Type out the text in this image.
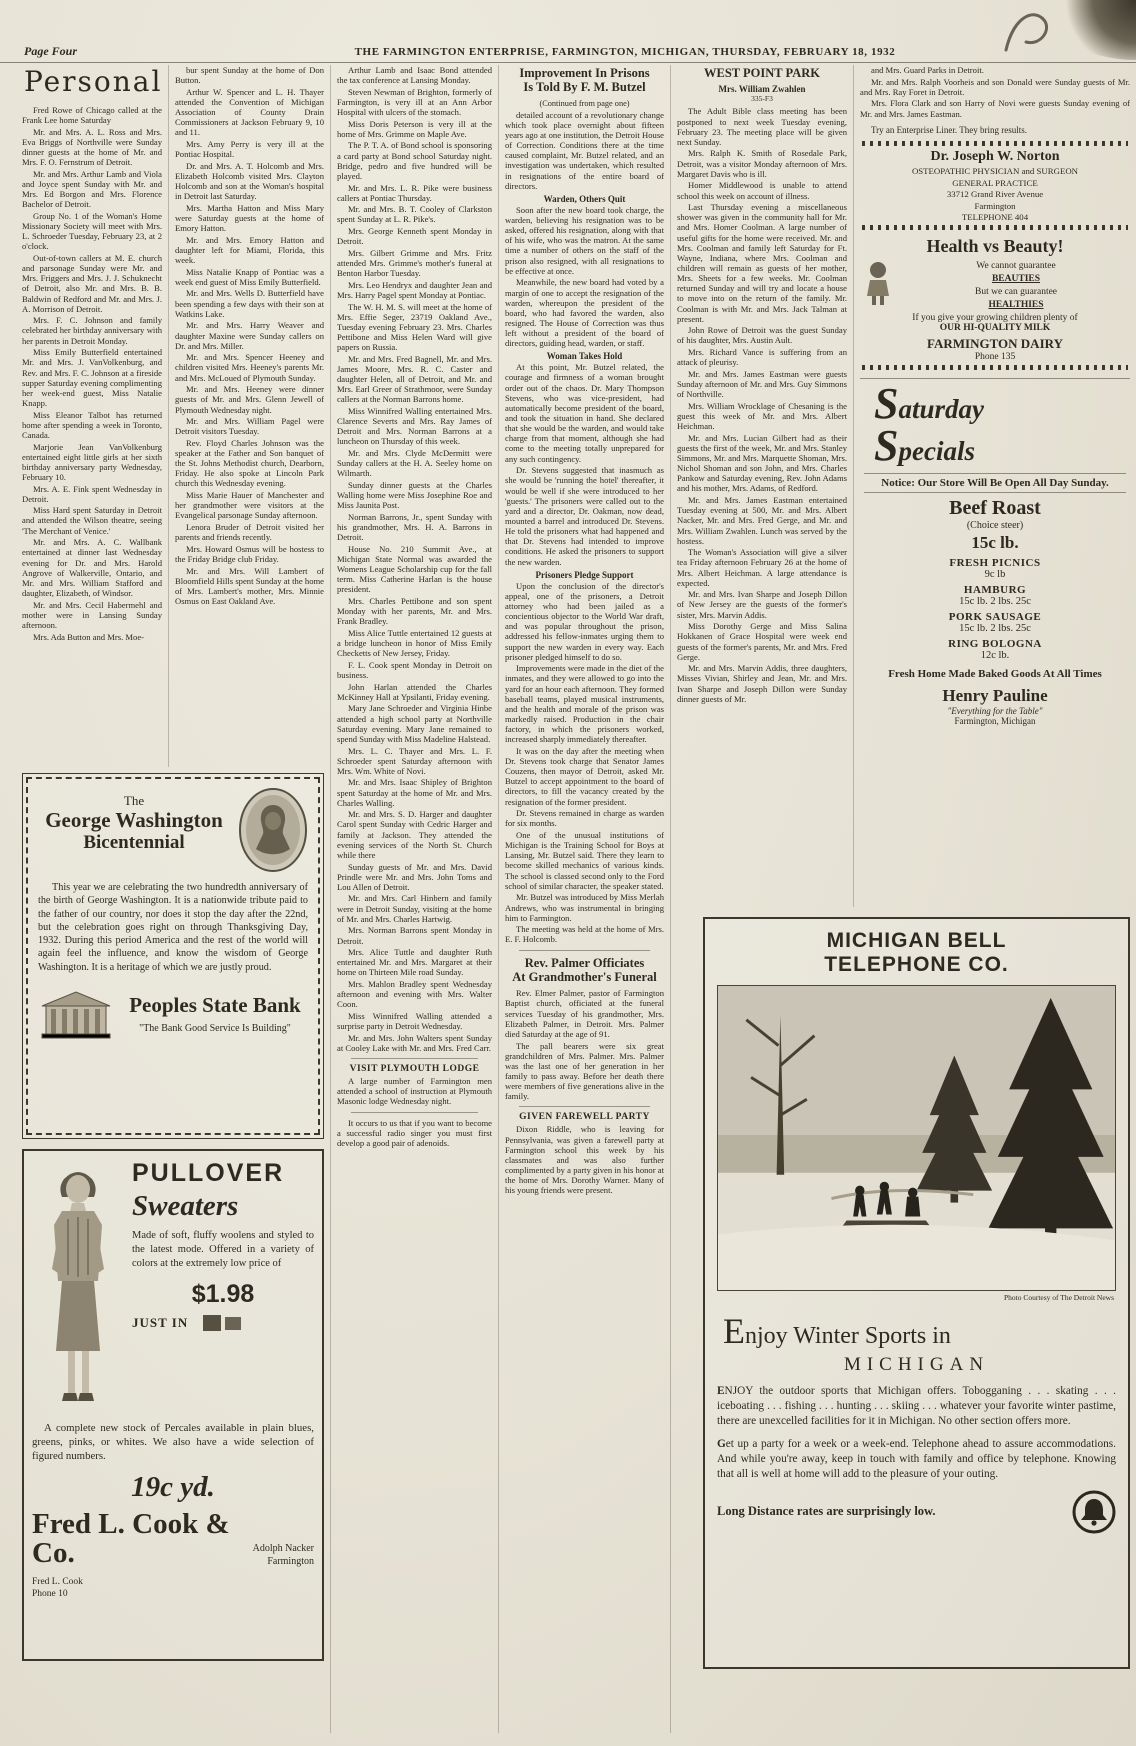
Page Four	THE FARMINGTON ENTERPRISE, FARMINGTON, MICHIGAN, THURSDAY, FEBRUARY 18, 1932
Personal

Fred Rowe of Chicago called at the Frank Lee home Saturday

Mr. and Mrs. A. L. Ross and Mrs. Eva Briggs of Northville were Sunday dinner guests at the home of Mr. and Mrs. F. O. Fernstrum of Detroit.

Mr. and Mrs. Arthur Lamb and Viola and Joyce spent Sunday with Mr. and Mrs. Ed Borgon and Mrs. Florence Bachelor of Detroit.

Group No. 1 of the Woman's Home Missionary Society will meet with Mrs. L. Schroeder Tuesday, February 23, at 2 o'clock.

Out-of-town callers at M. E. church and parsonage Sunday were Mr. and Mrs. Friggers and Mrs. J. J. Schuknecht of Detroit, also Mr. and Mrs. B. B. Baldwin of Redford and Mr. and Mrs. J. A. Morrison of Detroit.

Mrs. F. C. Johnson and family celebrated her birthday anniversary with her parents in Detroit Monday.

Miss Emily Butterfield entertained Mr. and Mrs. J. VanVolkenburg, and Rev. and Mrs. F. C. Johnson at a fireside supper Saturday evening complimenting her week-end guest, Miss Natalie Knapp.

Miss Eleanor Talbot has returned home after spending a week in Toronto, Canada.

Marjorie Jean VanVolkenburg entertained eight little girls at her sixth birthday anniversary party Wednesday, February 10.

Mrs. A. E. Fink spent Wednesday in Detroit.

Miss Hard spent Saturday in Detroit and attended the Wilson theatre, seeing 'The Merchant of Venice.'

Mr. and Mrs. A. C. Wallbank entertained at dinner last Wednesday evening for Dr. and Mrs. Harold Angrove of Walkerville, Ontario, and Mr. and Mrs. William Stafford and daughter, Elizabeth, of Windsor.

Mr. and Mrs. Cecil Habermehl and mother were in Lansing Sunday afternoon.

Mrs. Ada Button and Mrs. Moe-

bur spent Sunday at the home of Don Button.

Arthur W. Spencer and L. H. Thayer attended the Convention of Michigan Association of County Drain Commissioners at Jackson February 9, 10 and 11.

Mrs. Amy Perry is very ill at the Pontiac Hospital.

Dr. and Mrs. A. T. Holcomb and Mrs. Elizabeth Holcomb visited Mrs. Clayton Holcomb and son at the Woman's hospital in Detroit last Saturday.

Mrs. Martha Hatton and Miss Mary were Saturday guests at the home of Emory Hatton.

Mr. and Mrs. Emory Hatton and daughter left for Miami, Florida, this week.

Miss Natalie Knapp of Pontiac was a week end guest of Miss Emily Butterfield.

Mr. and Mrs. Wells D. Butterfield have been spending a few days with their son at Watkins Lake.

Mr. and Mrs. Harry Weaver and daughter Maxine were Sunday callers on Dr. and Mrs. Miller.

Mr. and Mrs. Spencer Heeney and children visited Mrs. Heeney's parents Mr. and Mrs. McLoued of Plymouth Sunday.

Mr. and Mrs. Heeney were dinner guests of Mr. and Mrs. Glenn Jewell of Plymouth Wednesday night.

Mr. and Mrs. William Pagel were Detroit visitors Tuesday.

Rev. Floyd Charles Johnson was the speaker at the Father and Son banquet of the St. Johns Methodist church, Dearborn, Friday. He also spoke at Lincoln Park church this Wednesday evening.

Miss Marie Hauer of Manchester and her grandmother were visitors at the Evangelical parsonage Sunday afternoon.

Lenora Bruder of Detroit visited her parents and friends recently.

Mrs. Howard Osmus will be hostess to the Friday Bridge club Friday.

Mr. and Mrs. Will Lambert of Bloomfield Hills spent Sunday at the home of Mrs. Lambert's mother, Mrs. Minnie Osmus on East Oakland Ave.

The
George Washington
Bicentennial

This year we are celebrating the two hundredth anniversary of the birth of George Washington. It is a nationwide tribute paid to the father of our country, nor does it stop the day after the 22nd, but the celebration goes right on through Thanksgiving Day, 1932. During this period America and the rest of the world will again feel the influence, and know the wisdom of George Washington. It is a heritage of which we are justly proud.

Peoples State Bank
"The Bank Good Service Is Building"
PULLOVER
Sweaters

Made of soft, fluffy woolens and styled to the latest mode. Offered in a variety of colors at the extremely low price of

$1.98
JUST IN

A complete new stock of Percales available in plain blues, greens, pinks, or whites. We also have a wide selection of figured numbers.

19c yd.
Fred L. Cook & Co.	Adolph Nacker
Farmington
Fred L. Cook
Phone 10

Arthur Lamb and Isaac Bond attended the tax conference at Lansing Monday.

Steven Newman of Brighton, formerly of Farmington, is very ill at an Ann Arbor Hospital with ulcers of the stomach.

Miss Doris Peterson is very ill at the home of Mrs. Grimme on Maple Ave.

The P. T. A. of Bond school is sponsoring a card party at Bond school Saturday night. Bridge, pedro and five hundred will be played.

Mr. and Mrs. L. R. Pike were business callers at Pontiac Thursday.

Mr. and Mrs. B. T. Cooley of Clarkston spent Sunday at L. R. Pike's.

Mrs. George Kenneth spent Monday in Detroit.

Mrs. Gilbert Grimme and Mrs. Fritz attended Mrs. Grimme's mother's funeral at Benton Harbor Tuesday.

Mrs. Leo Hendryx and daughter Jean and Mrs. Harry Pagel spent Monday at Pontiac.

The W. H. M. S. will meet at the home of Mrs. Effie Seger, 23719 Oakland Ave., Tuesday evening February 23. Mrs. Charles Pettibone and Miss Helen Ward will give papers on Russia.

Mr. and Mrs. Fred Bagnell, Mr. and Mrs. James Moore, Mrs. R. C. Caster and daughter Helen, all of Detroit, and Mr. and Mrs. Earl Greer of Strathmoor, were Sunday callers at the Norman Barrons home.

Miss Winnifred Walling entertained Mrs. Clarence Severts and Mrs. Ray James of Detroit and Mrs. Norman Barrons at a luncheon on Thursday of this week.

Mr. and Mrs. Clyde McDermitt were Sunday callers at the H. A. Seeley home on Wilmarth.

Sunday dinner guests at the Charles Walling home were Miss Josephine Roe and Miss Jaunita Post.

Norman Barrons, Jr., spent Sunday with his grandmother, Mrs. H. A. Barrons in Detroit.

House No. 210 Summit Ave., at Michigan State Normal was awarded the Womens League Scholarship cup for the fall term. Miss Catherine Harlan is the house president.

Mrs. Charles Pettibone and son spent Monday with her parents, Mr. and Mrs. Frank Bradley.

Miss Alice Tuttle entertained 12 guests at a bridge luncheon in honor of Miss Emily Checketts of New Jersey, Friday.

F. L. Cook spent Monday in Detroit on business.

John Harlan attended the Charles McKinney Hall at Ypsilanti, Friday evening.

Mary Jane Schroeder and Virginia Hinbe attended a high school party at Northville Saturday evening. Mary Jane remained to spend Sunday with Miss Madeline Halstead.

Mrs. L. C. Thayer and Mrs. L. F. Schroeder spent Saturday afternoon with Mrs. Wm. White of Novi.

Mr. and Mrs. Isaac Shipley of Brighton spent Saturday at the home of Mr. and Mrs. Charles Walling.

Mr. and Mrs. S. D. Harger and daughter Carol spent Sunday with Cedric Harger and family at Jackson. They attended the evening services of the North St. Church while there

Sunday guests of Mr. and Mrs. David Prindle were Mr. and Mrs. John Toms and Lou Allen of Detroit.

Mr. and Mrs. Carl Hinbern and family were in Detroit Sunday, visiting at the home of Mr. and Mrs. Charles Hartwig.

Mrs. Norman Barrons spent Monday in Detroit.

Mrs. Alice Tuttle and daughter Ruth entertained Mr. and Mrs. Margaret at their home on Thirteen Mile road Sunday.

Mrs. Mahlon Bradley spent Wednesday afternoon and evening with Mrs. Walter Coon.

Miss Winnifred Walling attended a surprise party in Detroit Wednesday.

Mr. and Mrs. John Walters spent Sunday at Cooley Lake with Mr. and Mrs. Fred Carr.

VISIT PLYMOUTH LODGE

A large number of Farmington men attended a school of instruction at Plymouth Masonic lodge Wednesday night.

It occurs to us that if you want to become a successful radio singer you must first develop a good pair of adenoids.

Improvement In Prisons
Is Told By F. M. Butzel
(Continued from page one)

detailed account of a revolutionary change which took place overnight about fifteen years ago at one institution, the Detroit House of Correction. Conditions there at the time caused complaint, Mr. Butzel related, and an investigation was undertaken, which resulted in resignations of the entire board of directors.

Warden, Others Quit

Soon after the new board took charge, the warden, believing his resignation was to be asked, offered his resignation, along with that of his wife, who was the matron. At the same time a number of others on the staff of the prison also resigned, with all resignations to be effective at once.

Meanwhile, the new board had voted by a margin of one to accept the resignation of the warden, whereupon the president of the board, who had favored the warden, also resigned. The House of Correction was thus left without a president of the board of directors, guiding head, warden, or staff.

Woman Takes Hold

At this point, Mr. Butzel related, the courage and firmness of a woman brought order out of the chaos. Dr. Mary Thompson Stevens, who was vice-president, had automatically become president of the board, and took the situation in hand. She declared that she would be the warden, and would take charge from that moment, although she had come to the meeting totally unprepared for any such contingency.

Dr. Stevens suggested that inasmuch as she would be 'running the hotel' thereafter, it would be well if she were introduced to her 'guests.' The prisoners were called out to the yard and a director, Dr. Oakman, now dead, mounted a barrel and introduced Dr. Stevens. He told the prisoners what had happened and that Dr. Stevens had intended to improve conditions. He asked the prisoners to support the new warden.

Prisoners Pledge Support

Upon the conclusion of the director's appeal, one of the prisoners, a Detroit attorney who had been jailed as a concientious objector to the World War draft, and was popular throughout the prison, addressed his fellow-inmates urging them to support the new warden in every way. Each prisoner pledged himself to do so.

Improvements were made in the diet of the inmates, and they were allowed to go into the yard for an hour each afternoon. They formed baseball teams, played musical instruments, and the health and morale of the prison was markedly raised. Production in the chair factory, in which the prisoners worked, increased sharply immediately thereafter.

It was on the day after the meeting when Dr. Stevens took charge that Senator James Couzens, then mayor of Detroit, asked Mr. Butzel to accept appointment to the board of directors, to fill the vacancy created by the resignation of the former president.

Dr. Stevens remained in charge as warden for six months.

One of the unusual institutions of Michigan is the Training School for Boys at Lansing, Mr. Butzel said. There they learn to become skilled mechanics of various kinds. The school is classed second only to the Ford school of similar character, the speaker stated.

Mr. Butzel was introduced by Miss Merlah Andrews, who was instrumental in bringing him to Farmington.

The meeting was held at the home of Mrs. E. F. Holcomb.

Rev. Palmer Officiates
At Grandmother's Funeral

Rev. Elmer Palmer, pastor of Farmington Baptist church, officiated at the funeral services Tuesday of his grandmother, Mrs. Elizabeth Palmer, in Detroit. Mrs. Palmer died Saturday at the age of 91.

The pall bearers were six great grandchildren of Mrs. Palmer. Mrs. Palmer was the last one of her generation in her family to pass away. Before her death there were members of five generations alive in the family.

GIVEN FAREWELL PARTY

Dixon Riddle, who is leaving for Pennsylvania, was given a farewell party at Farmington school this week by his classmates and was also further complimented by a party given in his honor at the home of Mrs. Dorothy Warner. Many of his young friends were present.

WEST POINT PARK
Mrs. William Zwahlen
335-F3

The Adult Bible class meeting has been postponed to next week Tuesday evening, February 23. The meeting place will be given next Sunday.

Mrs. Ralph K. Smith of Rosedale Park, Detroit, was a visitor Monday afternoon of Mrs. Margaret Davis who is ill.

Homer Middlewood is unable to attend school this week on account of illness.

Last Thursday evening a miscellaneous shower was given in the community hall for Mr. and Mrs. Homer Coolman. A large number of useful gifts for the home were received. Mr. and Mrs. Coolman and family left Saturday for Ft. Wayne, Indiana, where Mrs. Coolman and children will remain as guests of her mother, Mrs. Sheets for a few weeks. Mr. Coolman returned Sunday and will try and locate a house to move into on the return of the family. Mr. Coolman is with Mr. and Mrs. Jack Talman at present.

John Rowe of Detroit was the guest Sunday of his daughter, Mrs. Austin Ault.

Mrs. Richard Vance is suffering from an attack of pleurisy.

Mr. and Mrs. James Eastman were guests Sunday afternoon of Mr. and Mrs. Guy Simmons of Northville.

Mrs. William Wrocklage of Chesaning is the guest this week of Mr. and Mrs. Albert Heichman.

Mr. and Mrs. Lucian Gilbert had as their guests the first of the week, Mr. and Mrs. Stanley Simmons, Mr. and Mrs. Marquette Shoman, Mrs. Nichol Shoman and son John, and Mrs. Charles Pankow and Saturday evening, Rev. John Adams and his mother, Mrs. Adams, of Redford.

Mr. and Mrs. James Eastman entertained Tuesday evening at 500, Mr. and Mrs. Albert Nacker, Mr. and Mrs. Fred Gerge, and Mr. and Mrs. William Zwahlen. Lunch was served by the hostess.

The Woman's Association will give a silver tea Friday afternoon February 26 at the home of Mrs. Albert Heichman. A large attendance is expected.

Mr. and Mrs. Ivan Sharpe and Joseph Dillon of New Jersey are the guests of the former's sister, Mrs. Marvin Addis.

Miss Dorothy Gerge and Miss Salina Hokkanen of Grace Hospital were week end guests of the former's parents, Mr. and Mrs. Fred Gerge.

Mr. and Mrs. Marvin Addis, three daughters, Misses Vivian, Shirley and Jean, Mr. and Mrs. Ivan Sharpe and Joseph Dillon were Sunday dinner guests of Mr.

and Mrs. Guard Parks in Detroit.

Mr. and Mrs. Ralph Voorheis and son Donald were Sunday guests of Mr. and Mrs. Ray Foret in Detroit.

Mrs. Flora Clark and son Harry of Novi were guests Sunday evening of Mr. and Mrs. James Eastman.

Try an Enterprise Liner. They bring results.

Dr. Joseph W. Norton
OSTEOPATHIC PHYSICIAN and SURGEON
GENERAL PRACTICE
33712 Grand River Avenue
Farmington
TELEPHONE 404
Health vs Beauty!

We cannot guarantee

BEAUTIES

But we can guarantee

HEALTHIES

If you give your growing children plenty of
OUR HI-QUALITY MILK
FARMINGTON DAIRY
Phone 135
Saturday
Specials
Notice: Our Store Will Be Open All Day Sunday.
Beef Roast
(Choice steer)
15c lb.
FRESH PICNICS
9c lb
HAMBURG
15c lb. 2 lbs. 25c
PORK SAUSAGE
15c lb. 2 lbs. 25c
RING BOLOGNA
12c lb.
Fresh Home Made Baked Goods At All Times
Henry Pauline
"Everything for the Table"
Farmington, Michigan
MICHIGAN BELL
TELEPHONE CO.
Photo Courtesy of The Detroit News
Enjoy Winter Sports in
MICHIGAN

ENJOY the outdoor sports that Michigan offers. Tobogganing . . . skating . . . iceboating . . . fishing . . . hunting . . . skiing . . . whatever your favorite winter pastime, there are unexcelled facilities for it in Michigan. No other section offers more.

Get up a party for a week or a week-end. Telephone ahead to assure accommodations. And while you're away, keep in touch with family and office by telephone. Knowing that all is well at home will add to the pleasure of your outing.

Long Distance rates are surprisingly low.
